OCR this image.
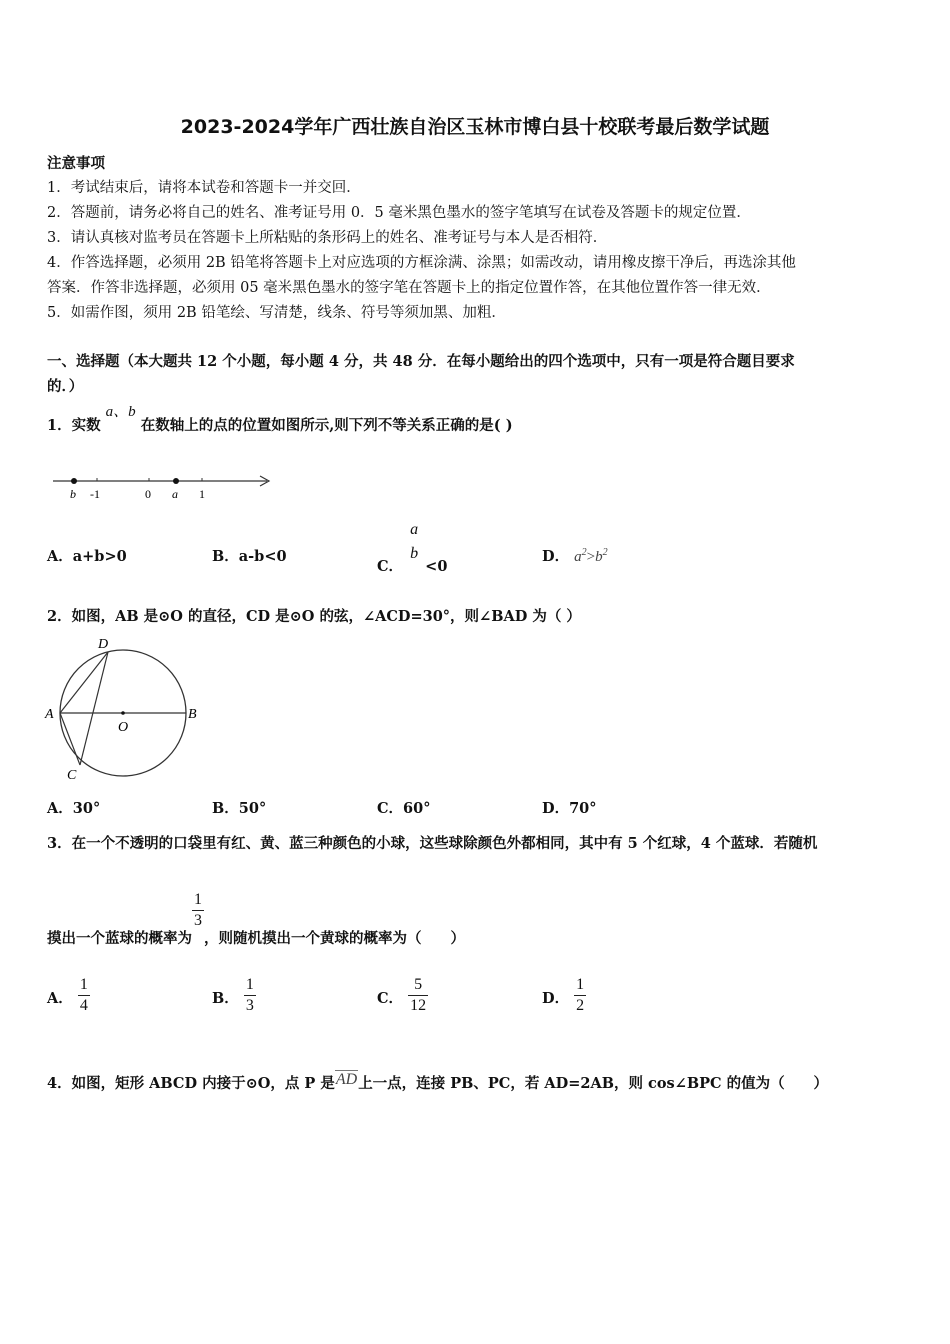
2023-2024学年广西壮族自治区玉林市博白县十校联考最后数学试题
注意事项
1．考试结束后，请将本试卷和答题卡一并交回．
2．答题前，请务必将自己的姓名、准考证号用 0．5 毫米黑色墨水的签字笔填写在试卷及答题卡的规定位置．
3．请认真核对监考员在答题卡上所粘贴的条形码上的姓名、准考证号与本人是否相符．
4．作答选择题，必须用 2B 铅笔将答题卡上对应选项的方框涂满、涂黑；如需改动，请用橡皮擦干净后，再选涂其他
答案．作答非选择题，必须用 05 毫米黑色墨水的签字笔在答题卡上的指定位置作答，在其他位置作答一律无效．
5．如需作图，须用 2B 铅笔绘、写清楚，线条、符号等须加黑、加粗．
一、选择题（本大题共 12 个小题，每小题 4 分，共 48 分．在每小题给出的四个选项中，只有一项是符合题目要求
的．）
1．实数 a、b 在数轴上的点的位置如图所示,则下列不等关系正确的是( )
b -1	0 a 1
A．a+b>0	B．a-b<0
C．
a
b
<0
D． $a^2>b^2$
2．如图，AB 是⊙O 的直径，CD 是⊙O 的弦，∠ACD=30°，则∠BAD 为（ ）
A	B
C
D
O
A．30°	B．50°	C．60°	D．70°
3．在一个不透明的口袋里有红、黄、蓝三种颜色的小球，这些球除颜色外都相同，其中有 5 个红球，4 个蓝球．若随机
摸出一个蓝球的概率为
$\frac{1}{3}$
，则随机摸出一个黄球的概率为（　　）
A． $\frac{1}{4}$	B． $\frac{1}{3}$	C． $\frac{5}{12}$	D． $\frac{1}{2}$
4．如图，矩形 ABCD 内接于⊙O，点 P 是AD上一点，连接 PB、PC，若 AD=2AB，则 cos∠BPC 的值为（　　）
